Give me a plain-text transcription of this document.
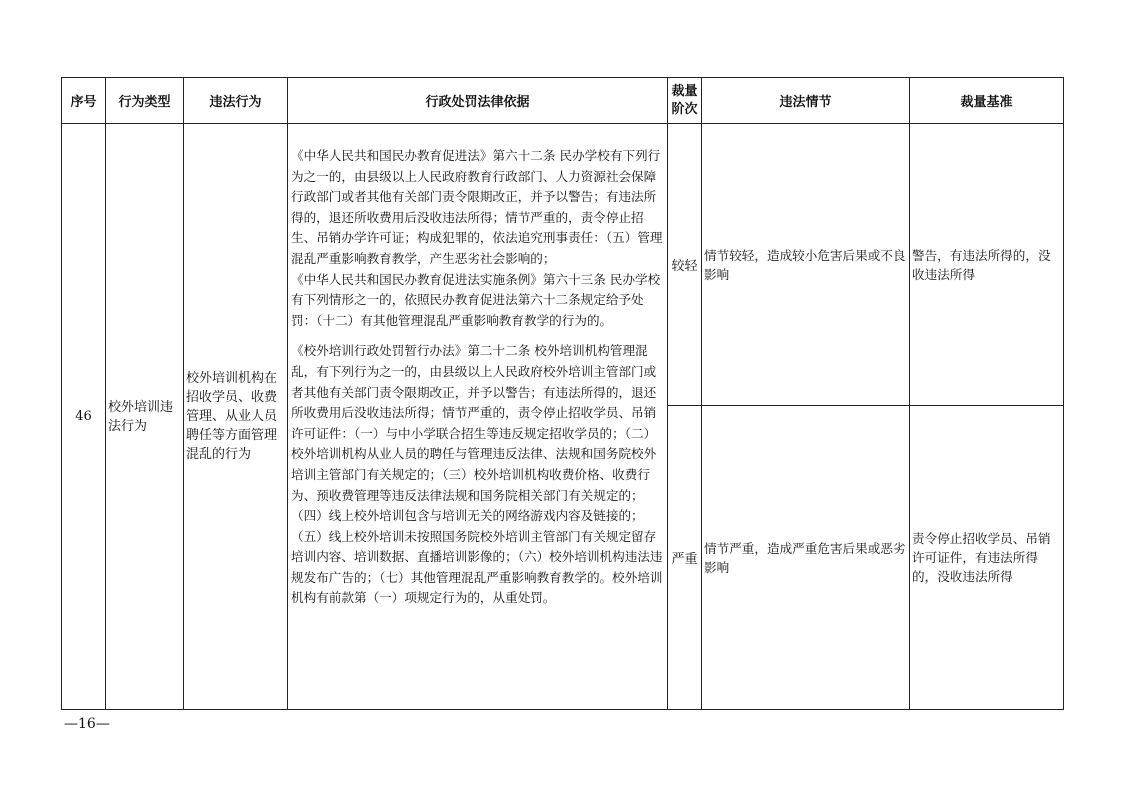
序号	行为类型	违法行为	行政处罚法律依据	裁量阶次	违法情节	裁量基准
46	校外培训违法行为	校外培训机构在招收学员、收费管理、从业人员聘任等方面管理混乱的行为	《中华人民共和国民办教育促进法》第六十二条 民办学校有下列行为之一的，由县级以上人民政府教育行政部门、人力资源社会保障行政部门或者其他有关部门责令限期改正，并予以警告；有违法所得的，退还所收费用后没收违法所得；情节严重的，责令停止招生、吊销办学许可证；构成犯罪的，依法追究刑事责任：（五）管理混乱严重影响教育教学，产生恶劣社会影响的；

《中华人民共和国民办教育促进法实施条例》第六十三条 民办学校有下列情形之一的，依照民办教育促进法第六十二条规定给予处罚：（十二）有其他管理混乱严重影响教育教学的行为的。

《校外培训行政处罚暂行办法》第二十二条 校外培训机构管理混乱，有下列行为之一的，由县级以上人民政府校外培训主管部门或者其他有关部门责令限期改正，并予以警告；有违法所得的，退还所收费用后没收违法所得；情节严重的，责令停止招收学员、吊销许可证件：（一）与中小学联合招生等违反规定招收学员的；（二）校外培训机构从业人员的聘任与管理违反法律、法规和国务院校外培训主管部门有关规定的；（三）校外培训机构收费价格、收费行为、预收费管理等违反法律法规和国务院相关部门有关规定的；（四）线上校外培训包含与培训无关的网络游戏内容及链接的；（五）线上校外培训未按照国务院校外培训主管部门有关规定留存培训内容、培训数据、直播培训影像的；（六）校外培训机构违法违规发布广告的；（七）其他管理混乱严重影响教育教学的。校外培训机构有前款第（一）项规定行为的，从重处罚。	较轻	情节较轻，造成较小危害后果或不良影响	警告，有违法所得的，没收违法所得
				严重	情节严重，造成严重危害后果或恶劣影响	责令停止招收学员、吊销许可证件，有违法所得的，没收违法所得
—16—
